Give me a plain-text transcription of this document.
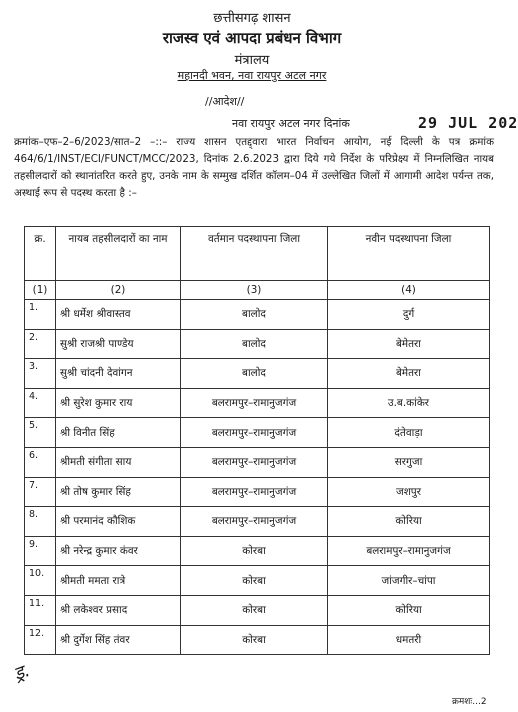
छत्तीसगढ़ शासन
राजस्व एवं आपदा प्रबंधन विभाग
मंत्रालय
महानदी भवन, नवा रायपुर अटल नगर
//आदेश//
नवा रायपुर अटल नगर दिनांक	29 JUL 202
क्रमांक–एफ–2–6/2023/सात–2 –::– राज्य शासन एतद्द्वारा भारत निर्वाचन आयोग, नई दिल्ली के पत्र क्रमांक 464/6/1/INST/ECI/FUNCT/MCC/2023, दिनांक 2.6.2023 द्वारा दिये गये निर्देश के परिप्रेक्ष्य में निम्नलिखित नायब तहसीलदारों को स्थानांतरित करते हुए, उनके नाम के सम्मुख दर्शित कॉलम–04 में उल्लेखित जिलों में आगामी आदेश पर्यन्त तक, अस्थाई रूप से पदस्थ करता है :–
क्र.	नायब तहसीलदारों का नाम	वर्तमान पदस्थापना जिला	नवीन पदस्थापना जिला
(1)	(2)	(3)	(4)
1.	श्री धर्मेश श्रीवास्तव	बालोद	दुर्ग
2.	सुश्री राजश्री पाण्डेय	बालोद	बेमेतरा
3.	सुश्री चांदनी देवांगन	बालोद	बेमेतरा
4.	श्री सुरेश कुमार राय	बलरामपुर–रामानुजगंज	उ.ब.कांकेर
5.	श्री विनीत सिंह	बलरामपुर–रामानुजगंज	दंतेवाड़ा
6.	श्रीमती संगीता साय	बलरामपुर–रामानुजगंज	सरगुजा
7.	श्री तोष कुमार सिंह	बलरामपुर–रामानुजगंज	जशपुर
8.	श्री परमानंद कौशिक	बलरामपुर–रामानुजगंज	कोरिया
9.	श्री नरेन्द्र कुमार कंवर	कोरबा	बलरामपुर–रामानुजगंज
10.	श्रीमती ममता रात्रे	कोरबा	जांजगीर–चांपा
11.	श्री लकेश्वर प्रसाद	कोरबा	कोरिया
12.	श्री दुर्गेश सिंह तंवर	कोरबा	धमतरी
ड्र.
क्रमशः...2
